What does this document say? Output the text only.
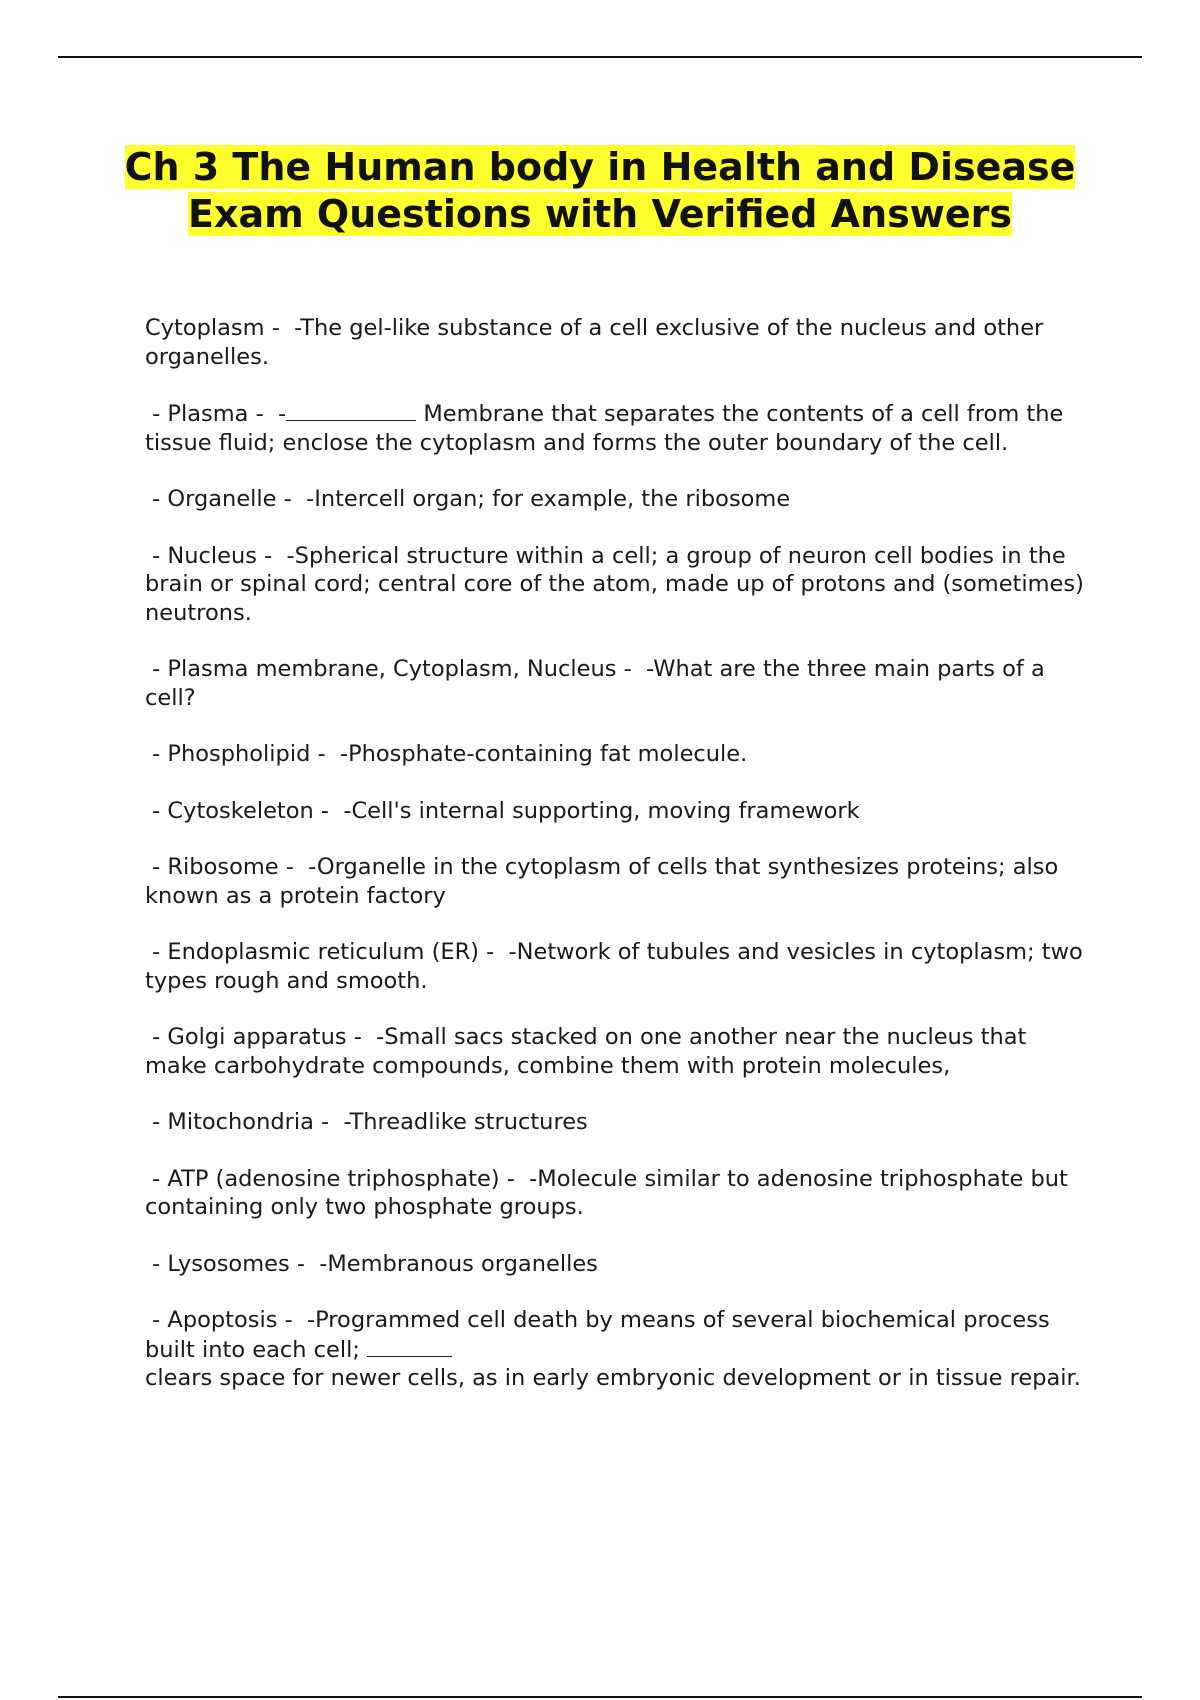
Ch 3 The Human body in Health and Disease Exam Questions with Verified Answers

Cytoplasm -  -The gel-like substance of a cell exclusive of the nucleus and other organelles.

- Plasma -  -	Membrane that separates the contents of a cell from the tissue fluid; enclose the cytoplasm and forms the outer boundary of the cell.

- Organelle -  -Intercell organ; for example, the ribosome

- Nucleus -  -Spherical structure within a cell; a group of neuron cell bodies in the brain or spinal cord; central core of the atom, made up of protons and (sometimes) neutrons.

- Plasma membrane, Cytoplasm, Nucleus -  -What are the three main parts of a cell?

- Phospholipid -  -Phosphate-containing fat molecule.

- Cytoskeleton -  -Cell's internal supporting, moving framework

- Ribosome -  -Organelle in the cytoplasm of cells that synthesizes proteins; also known as a protein factory

- Endoplasmic reticulum (ER) -  -Network of tubules and vesicles in cytoplasm; two types rough and smooth.

- Golgi apparatus -  -Small sacs stacked on one another near the nucleus that make carbohydrate compounds, combine them with protein molecules,

- Mitochondria -  -Threadlike structures

- ATP (adenosine triphosphate) -  -Molecule similar to adenosine triphosphate but containing only two phosphate groups.

- Lysosomes -  -Membranous organelles

- Apoptosis -  -Programmed cell death by means of several biochemical process built into each cell;
clears space for newer cells, as in early embryonic development or in tissue repair.
